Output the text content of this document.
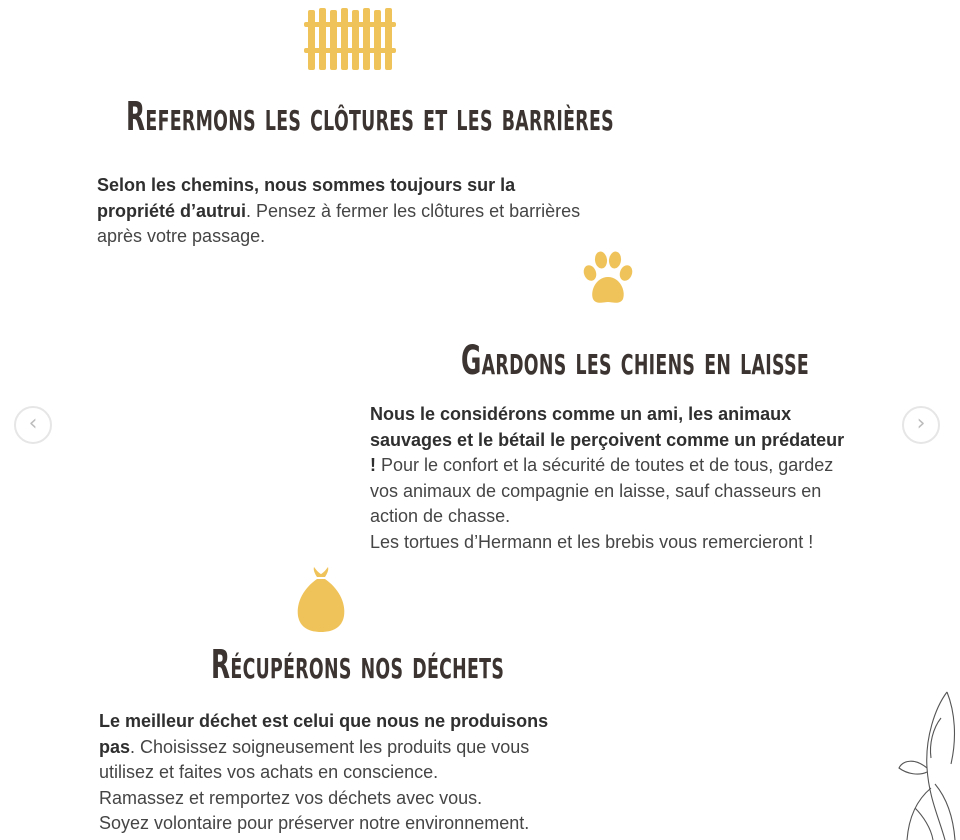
Refermons les clôtures et les barrières

Selon les chemins, nous sommes toujours sur la propriété d’autrui. Pensez à fermer les clôtures et barrières après votre passage.

Gardons les chiens en laisse
Nous le considérons comme un ami, les animaux sauvages et le bétail le perçoivent comme un prédateur ! Pour le confort et la sécurité de toutes et de tous, gardez vos animaux de compagnie en laisse, sauf chasseurs en action de chasse.
Les tortues d’Hermann et les brebis vous remercieront !
Récupérons nos déchets
Le meilleur déchet est celui que nous ne produisons pas. Choisissez soigneusement les produits que vous utilisez et faites vos achats en conscience.
Ramassez et remportez vos déchets avec vous.
Soyez volontaire pour préserver notre environnement.
‹	›
